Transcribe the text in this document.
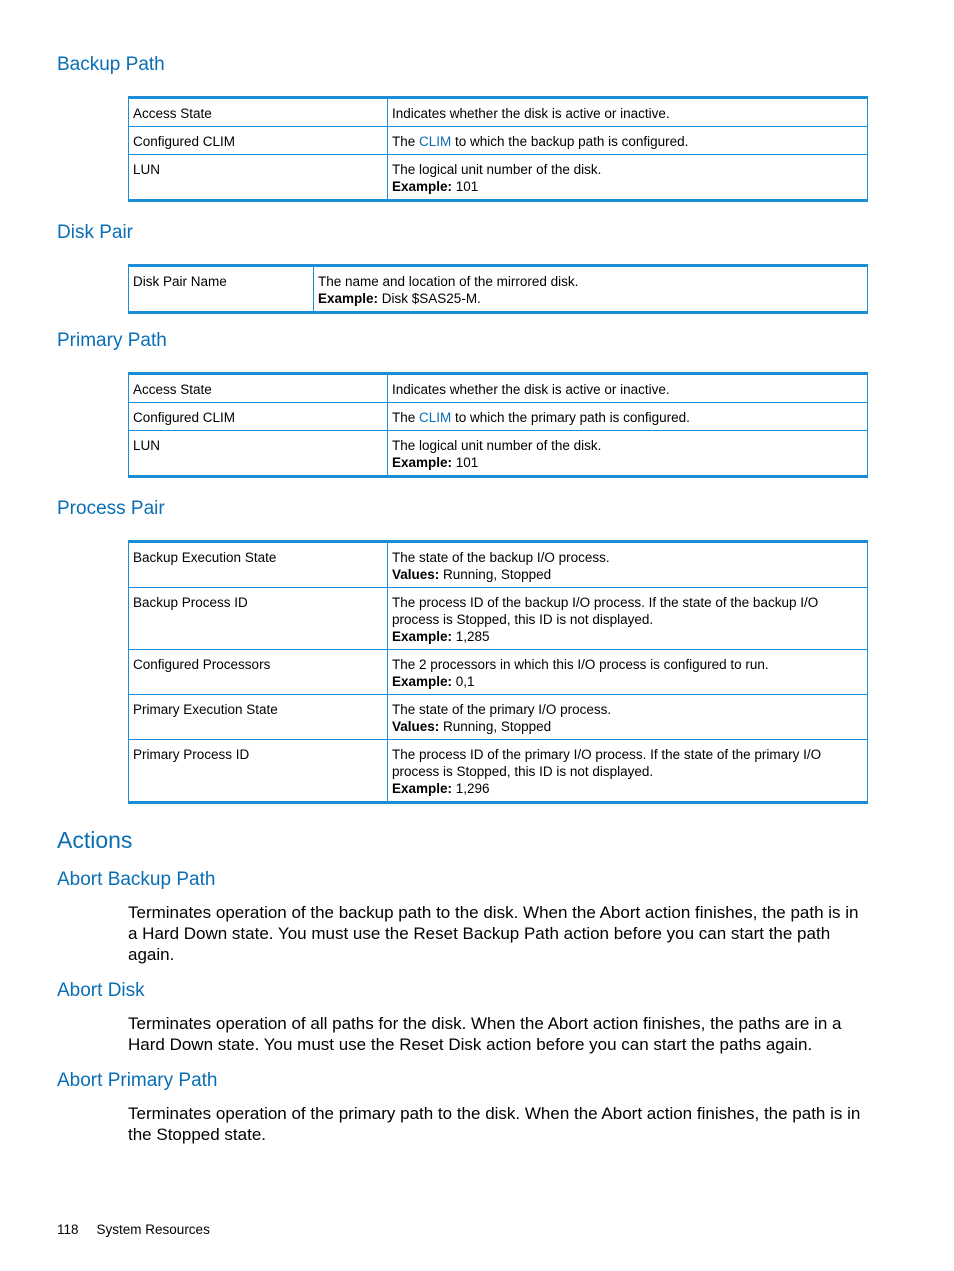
Backup Path
Access State	Indicates whether the disk is active or inactive.
Configured CLIM	The CLIM to which the backup path is configured.
LUN	The logical unit number of the disk.
Example: 101
Disk Pair
Disk Pair Name	The name and location of the mirrored disk.
Example: Disk $SAS25-M.
Primary Path
Access State	Indicates whether the disk is active or inactive.
Configured CLIM	The CLIM to which the primary path is configured.
LUN	The logical unit number of the disk.
Example: 101
Process Pair
Backup Execution State	The state of the backup I/O process.
Values: Running, Stopped

Backup Process ID	The process ID of the backup I/O process. If the state of the backup I/O process is Stopped, this ID is not displayed.
Example: 1,285

Configured Processors	The 2 processors in which this I/O process is configured to run.
Example: 0,1

Primary Execution State	The state of the primary I/O process.
Values: Running, Stopped

Primary Process ID	The process ID of the primary I/O process. If the state of the primary I/O process is Stopped, this ID is not displayed.
Example: 1,296
Actions
Abort Backup Path

Terminates operation of the backup path to the disk. When the Abort action finishes, the path is in a Hard Down state. You must use the Reset Backup Path action before you can start the path again.

Abort Disk

Terminates operation of all paths for the disk. When the Abort action finishes, the paths are in a Hard Down state. You must use the Reset Disk action before you can start the paths again.

Abort Primary Path

Terminates operation of the primary path to the disk. When the Abort action finishes, the path is in the Stopped state.

118 System Resources
